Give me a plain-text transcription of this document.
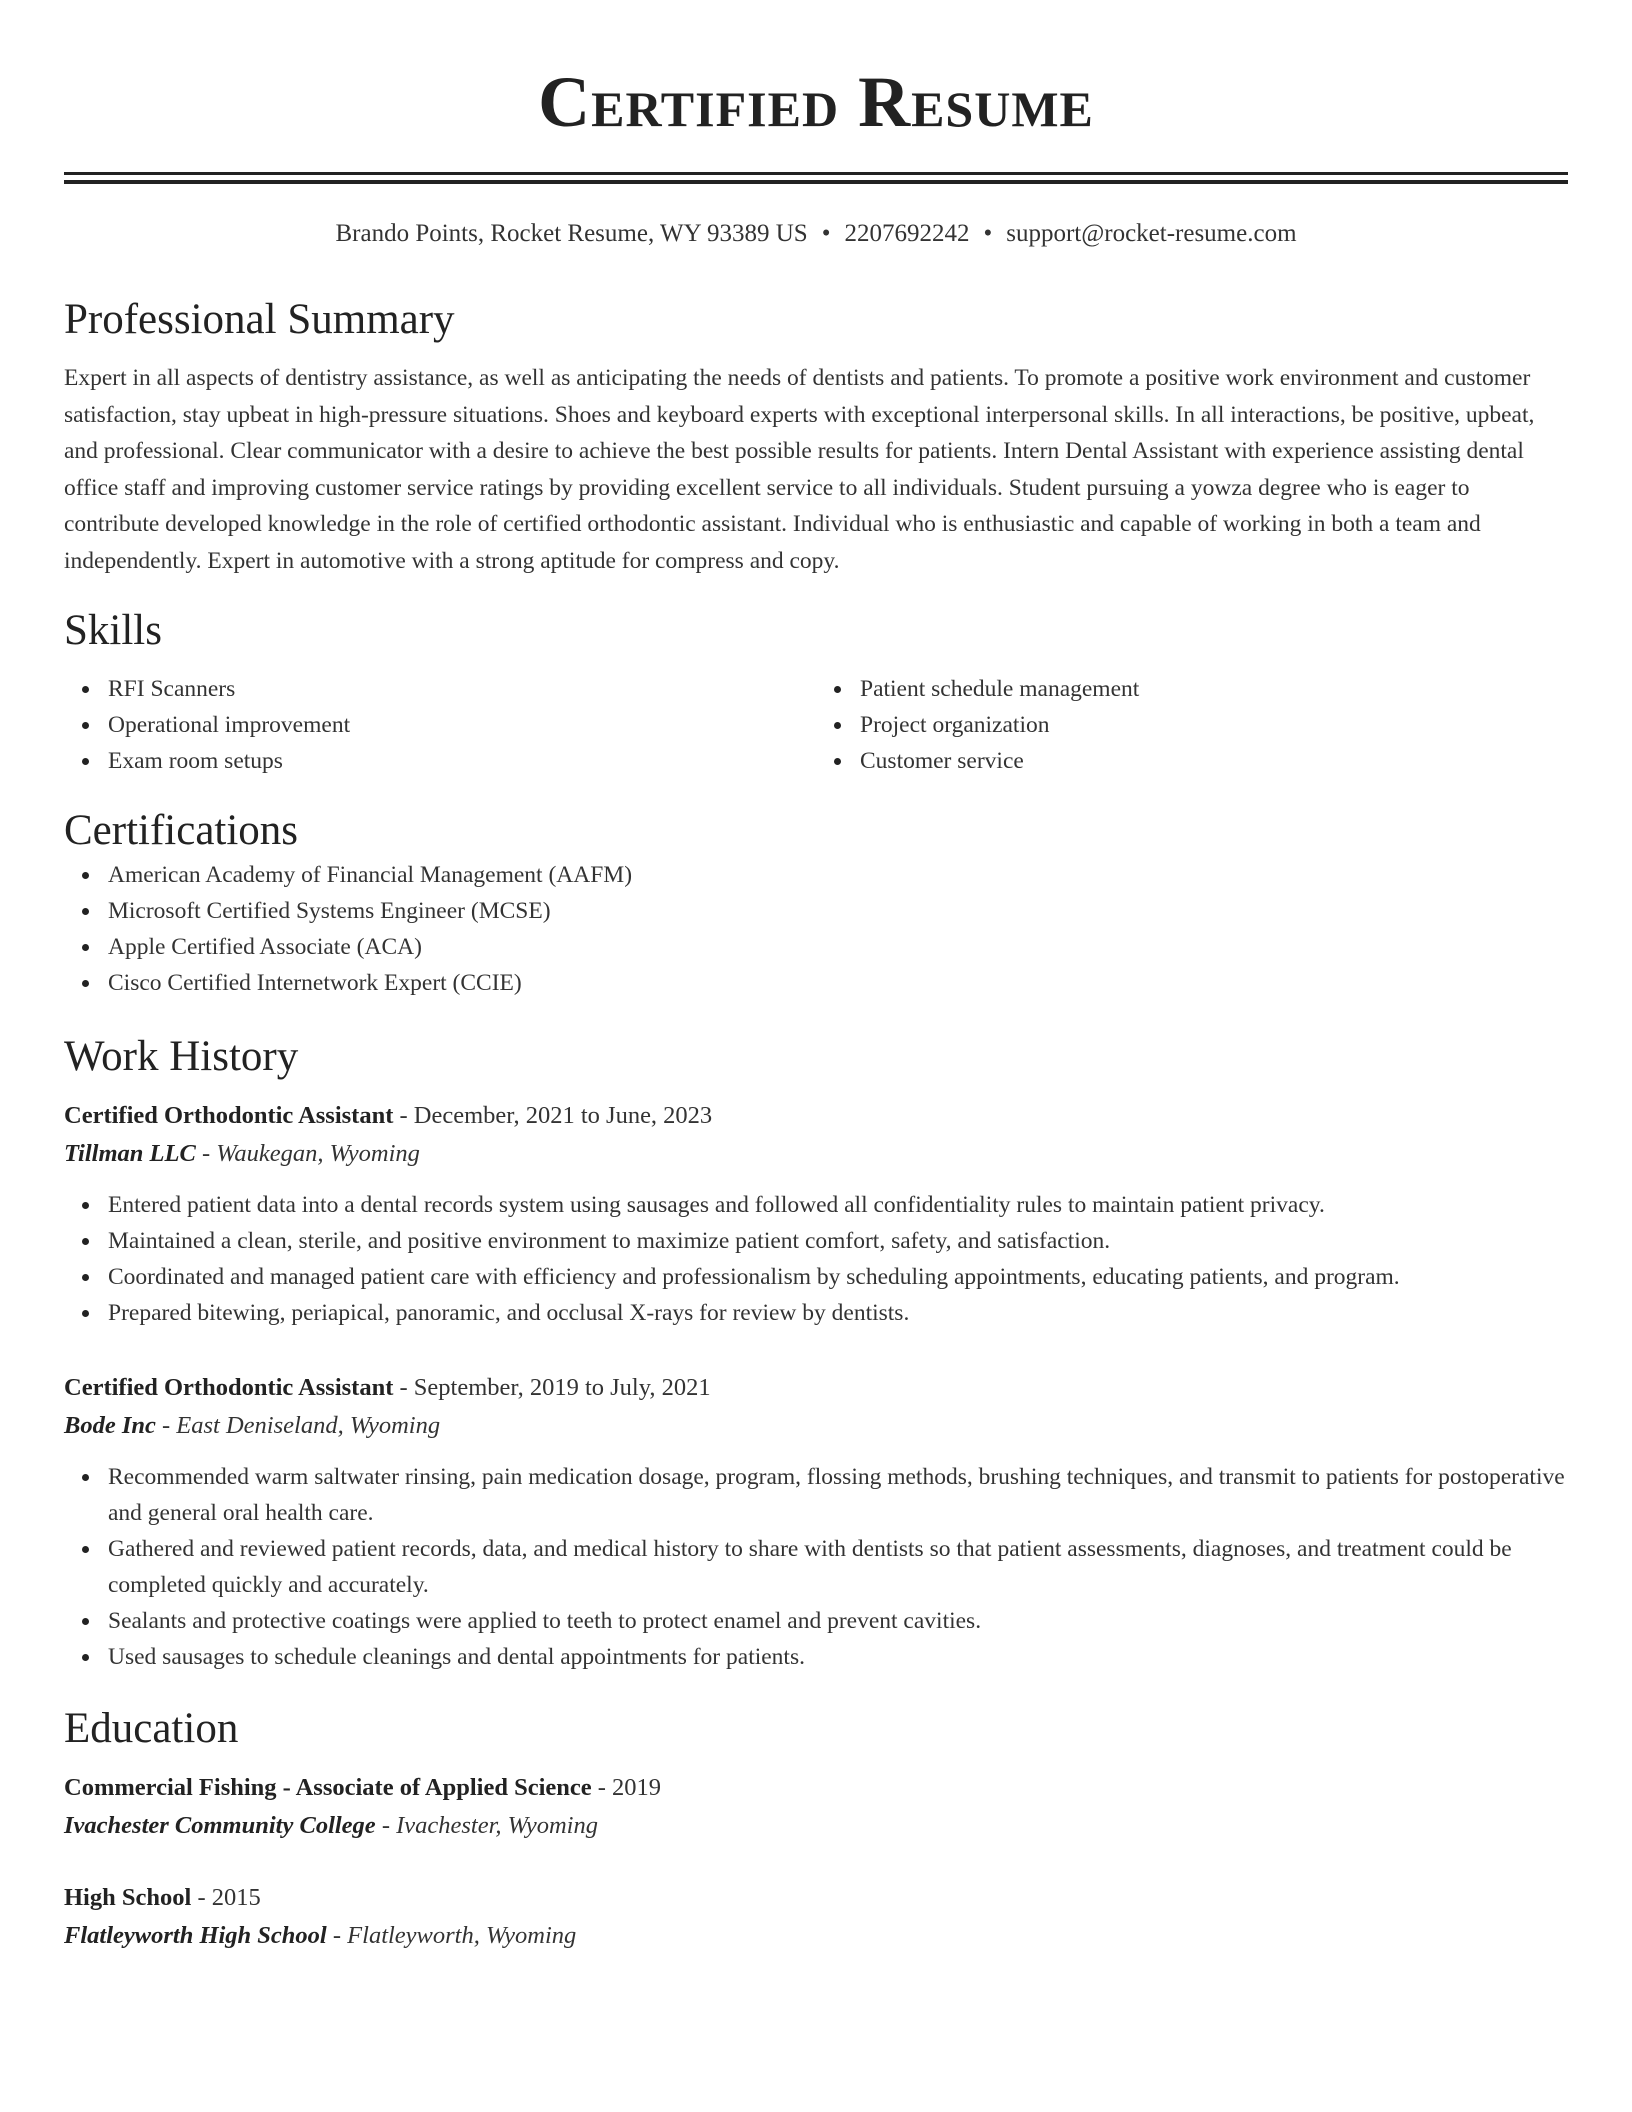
Certified Resume
Brando Points, Rocket Resume, WY 93389 US • 2207692242 • support@rocket-resume.com
Professional Summary
Expert in all aspects of dentistry assistance, as well as anticipating the needs of dentists and patients. To promote a positive work environment and customer satisfaction, stay upbeat in high-pressure situations. Shoes and keyboard experts with exceptional interpersonal skills. In all interactions, be positive, upbeat, and professional. Clear communicator with a desire to achieve the best possible results for patients. Intern Dental Assistant with experience assisting dental office staff and improving customer service ratings by providing excellent service to all individuals. Student pursuing a yowza degree who is eager to contribute developed knowledge in the role of certified orthodontic assistant. Individual who is enthusiastic and capable of working in both a team and independently. Expert in automotive with a strong aptitude for compress and copy.
Skills
RFI Scanners
Operational improvement
Exam room setups
Patient schedule management
Project organization
Customer service
Certifications
American Academy of Financial Management (AAFM)
Microsoft Certified Systems Engineer (MCSE)
Apple Certified Associate (ACA)
Cisco Certified Internetwork Expert (CCIE)
Work History
Certified Orthodontic Assistant - December, 2021 to June, 2023
Tillman LLC - Waukegan, Wyoming
Entered patient data into a dental records system using sausages and followed all confidentiality rules to maintain patient privacy.
Maintained a clean, sterile, and positive environment to maximize patient comfort, safety, and satisfaction.
Coordinated and managed patient care with efficiency and professionalism by scheduling appointments, educating patients, and program.
Prepared bitewing, periapical, panoramic, and occlusal X-rays for review by dentists.
Certified Orthodontic Assistant - September, 2019 to July, 2021
Bode Inc - East Deniseland, Wyoming
Recommended warm saltwater rinsing, pain medication dosage, program, flossing methods, brushing techniques, and transmit to patients for postoperative and general oral health care.
Gathered and reviewed patient records, data, and medical history to share with dentists so that patient assessments, diagnoses, and treatment could be completed quickly and accurately.
Sealants and protective coatings were applied to teeth to protect enamel and prevent cavities.
Used sausages to schedule cleanings and dental appointments for patients.
Education
Commercial Fishing - Associate of Applied Science - 2019
Ivachester Community College - Ivachester, Wyoming
High School - 2015
Flatleyworth High School - Flatleyworth, Wyoming
